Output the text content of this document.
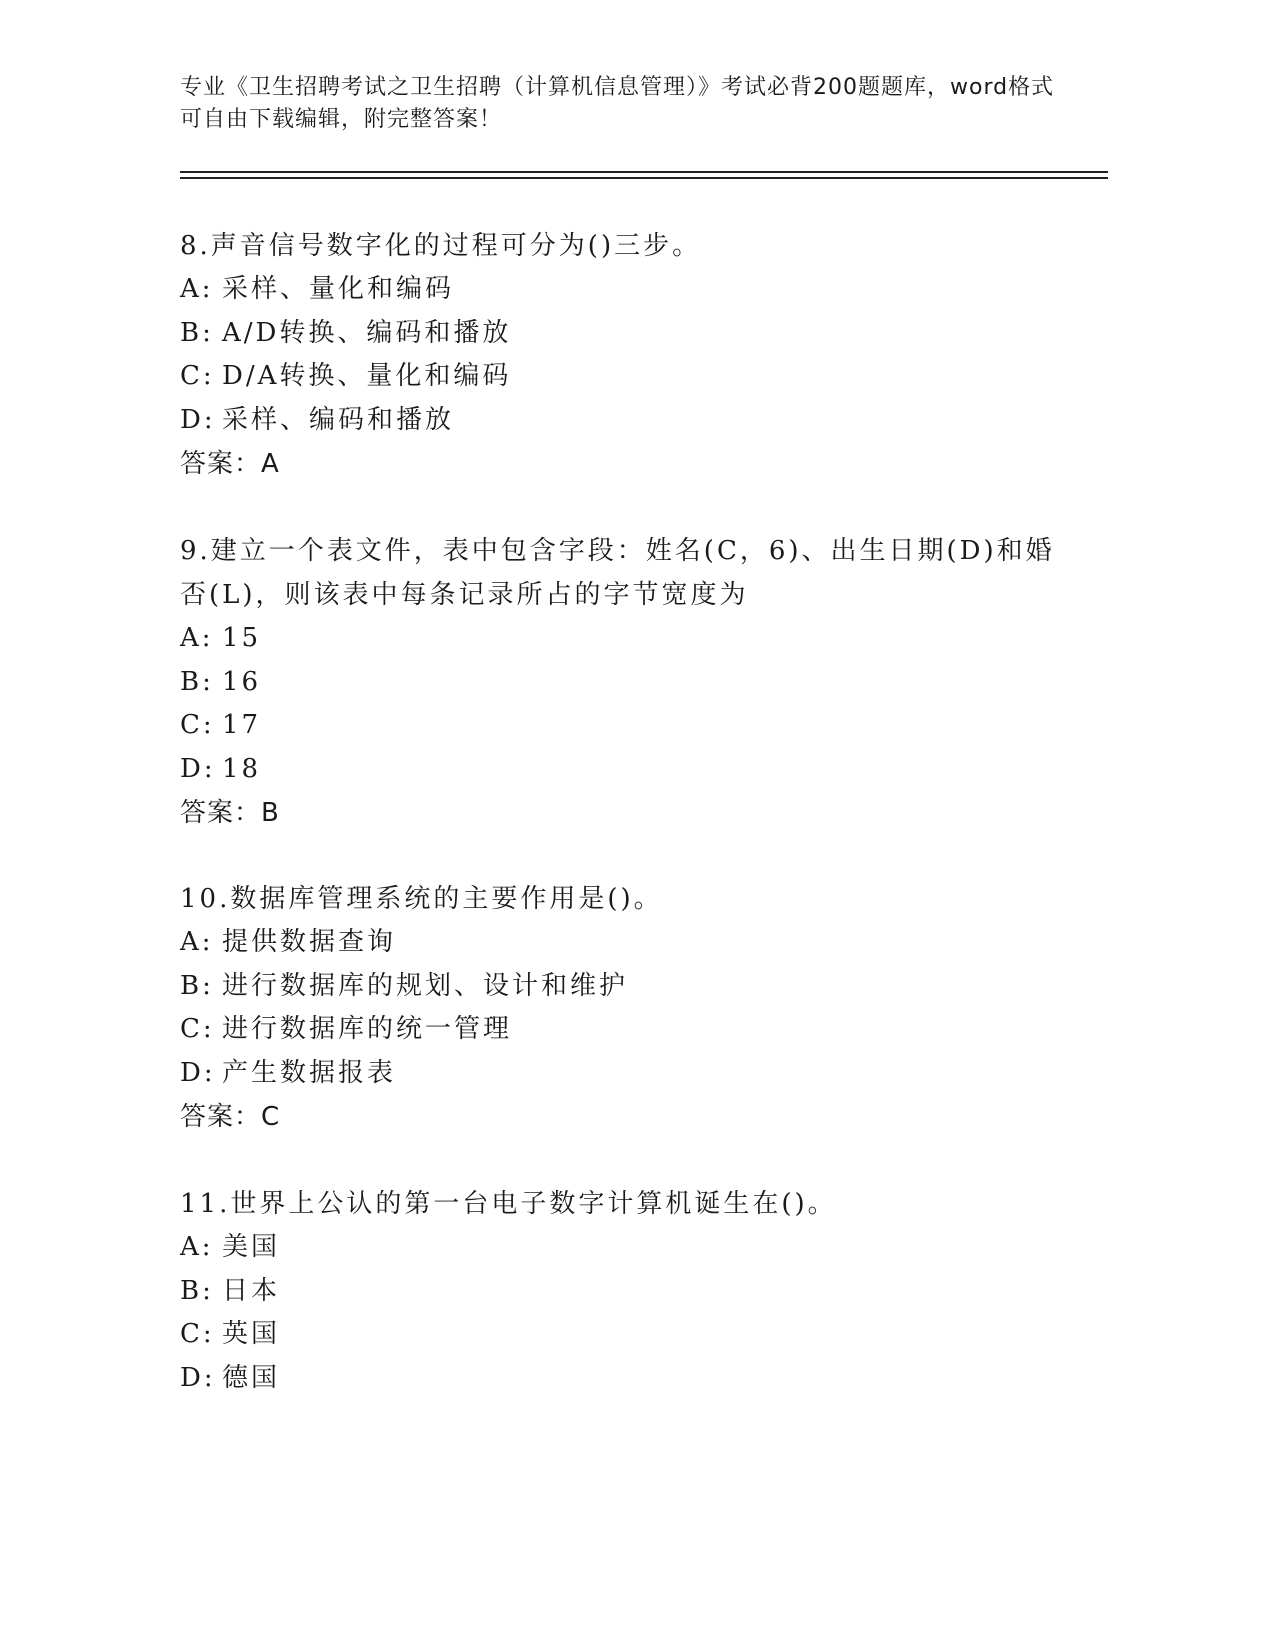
专业《卫生招聘考试之卫生招聘（计算机信息管理）》考试必背200题题库，word格式可自由下载编辑，附完整答案！
8.声音信号数字化的过程可分为()三步。
A: 采样、量化和编码
B: A/D转换、编码和播放
C: D/A转换、量化和编码
D: 采样、编码和播放
答案：A
9.建立一个表文件，表中包含字段：姓名(C，6)、出生日期(D)和婚否(L)，则该表中每条记录所占的字节宽度为
A: 15
B: 16
C: 17
D: 18
答案：B
10.数据库管理系统的主要作用是()。
A: 提供数据查询
B: 进行数据库的规划、设计和维护
C: 进行数据库的统一管理
D: 产生数据报表
答案：C
11.世界上公认的第一台电子数字计算机诞生在()。
A: 美国
B: 日本
C: 英国
D: 德国
